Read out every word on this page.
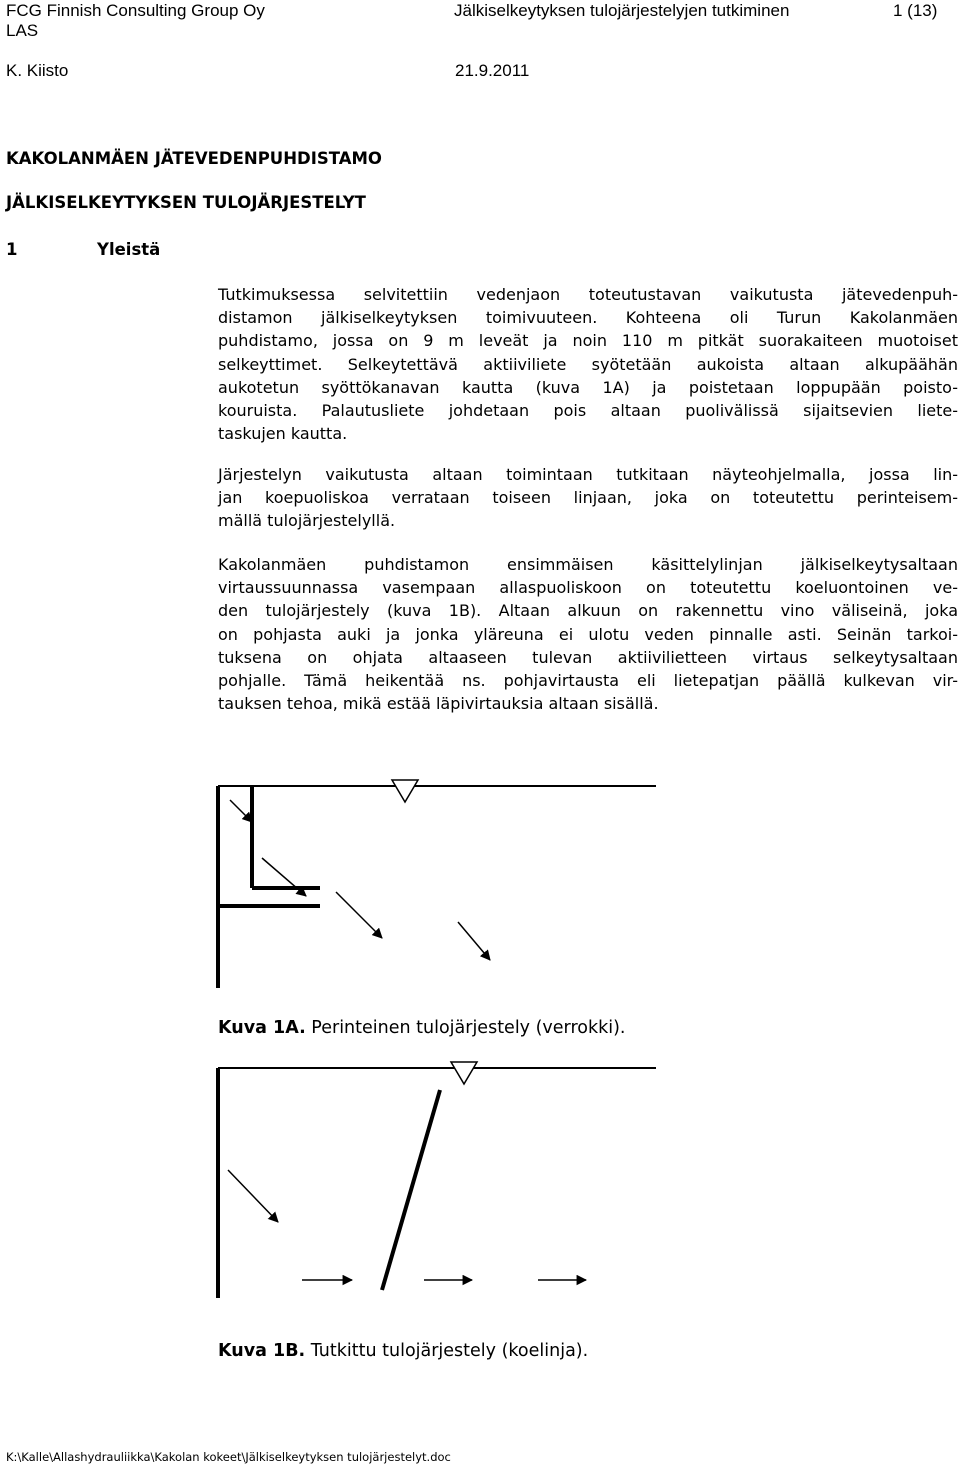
FCG Finnish Consulting Group Oy
LAS
Jälkiselkeytyksen tulojärjestelyjen tutkiminen	1 (13)
K. Kiisto	21.9.2011
KAKOLANMÄEN JÄTEVEDENPUHDISTAMO
JÄLKISELKEYTYKSEN TULOJÄRJESTELYT
1	Yleistä
Tutkimuksessa selvitettiin vedenjaon toteutustavan vaikutusta jätevedenpuh-
distamon jälkiselkeytyksen toimivuuteen. Kohteena oli Turun Kakolanmäen
puhdistamo, jossa on 9 m leveät ja noin 110 m pitkät suorakaiteen muotoiset
selkeyttimet. Selkeytettävä aktiiviliete syötetään aukoista altaan alkupäähän
aukotetun syöttökanavan kautta (kuva 1A) ja poistetaan loppupään poisto-
kouruista. Palautusliete johdetaan pois altaan puolivälissä sijaitsevien liete-
taskujen kautta.
Järjestelyn vaikutusta altaan toimintaan tutkitaan näyteohjelmalla, jossa lin-
jan koepuoliskoa verrataan toiseen linjaan, joka on toteutettu perinteisem-
mällä tulojärjestelyllä.
Kakolanmäen puhdistamon ensimmäisen käsittelylinjan jälkiselkeytysaltaan
virtaussuunnassa vasempaan allaspuoliskoon on toteutettu koeluontoinen ve-
den tulojärjestely (kuva 1B). Altaan alkuun on rakennettu vino väliseinä, joka
on pohjasta auki ja jonka yläreuna ei ulotu veden pinnalle asti. Seinän tarkoi-
tuksena on ohjata altaaseen tulevan aktiivilietteen virtaus selkeytysaltaan
pohjalle. Tämä heikentää ns. pohjavirtausta eli lietepatjan päällä kulkevan vir-
tauksen tehoa, mikä estää läpivirtauksia altaan sisällä.
Kuva 1A. Perinteinen tulojärjestely (verrokki).
Kuva 1B. Tutkittu tulojärjestely (koelinja).
K:\Kalle\Allashydrauliikka\Kakolan kokeet\Jälkiselkeytyksen tulojärjestelyt.doc
